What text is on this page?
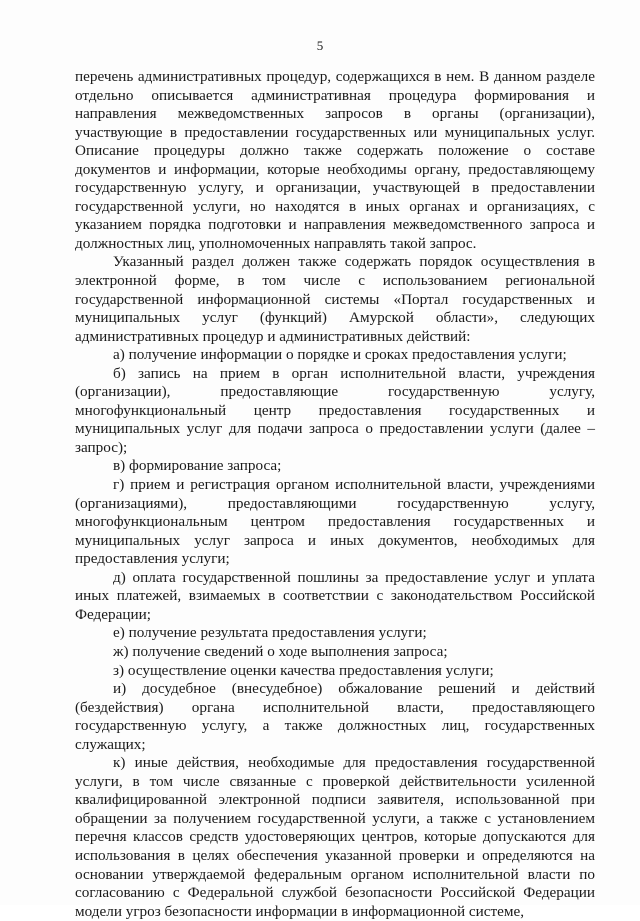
5

перечень административных процедур, содержащихся в нем. В данном разделе отдельно описывается административная процедура формирования и направления межведомственных запросов в органы (организации), участвующие в предоставлении государственных или муниципальных услуг. Описание процедуры должно также содержать положение о составе документов и информации, которые необходимы органу, предоставляющему государственную услугу, и организации, участвующей в предоставлении государственной услуги, но находятся в иных органах и организациях, с указанием порядка подготовки и направления межведомственного запроса и должностных лиц, уполномоченных направлять такой запрос.

Указанный раздел должен также содержать порядок осуществления в электронной форме, в том числе с использованием региональной государственной информационной системы «Портал государственных и муниципальных услуг (функций) Амурской области», следующих административных процедур и административных действий:

а) получение информации о порядке и сроках предоставления услуги;

б) запись на прием в орган исполнительной власти, учреждения (организации), предоставляющие государственную услугу, многофункциональный центр предоставления государственных и муниципальных услуг для подачи запроса о предоставлении услуги (далее – запрос);

в) формирование запроса;

г) прием и регистрация органом исполнительной власти, учреждениями (организациями), предоставляющими государственную услугу, многофункциональным центром предоставления государственных и муниципальных услуг запроса и иных документов, необходимых для предоставления услуги;

д) оплата государственной пошлины за предоставление услуг и уплата иных платежей, взимаемых в соответствии с законодательством Российской Федерации;

е) получение результата предоставления услуги;

ж) получение сведений о ходе выполнения запроса;

з) осуществление оценки качества предоставления услуги;

и) досудебное (внесудебное) обжалование решений и действий (бездействия) органа исполнительной власти, предоставляющего государственную услугу, а также должностных лиц, государственных служащих;

к) иные действия, необходимые для предоставления государственной услуги, в том числе связанные с проверкой действительности усиленной квалифицированной электронной подписи заявителя, использованной при обращении за получением государственной услуги, а также с установлением перечня классов средств удостоверяющих центров, которые допускаются для использования в целях обеспечения указанной проверки и определяются на основании утверждаемой федеральным органом исполнительной власти по согласованию с Федеральной службой безопасности Российской Федерации модели угроз безопасности информации в информационной системе,
